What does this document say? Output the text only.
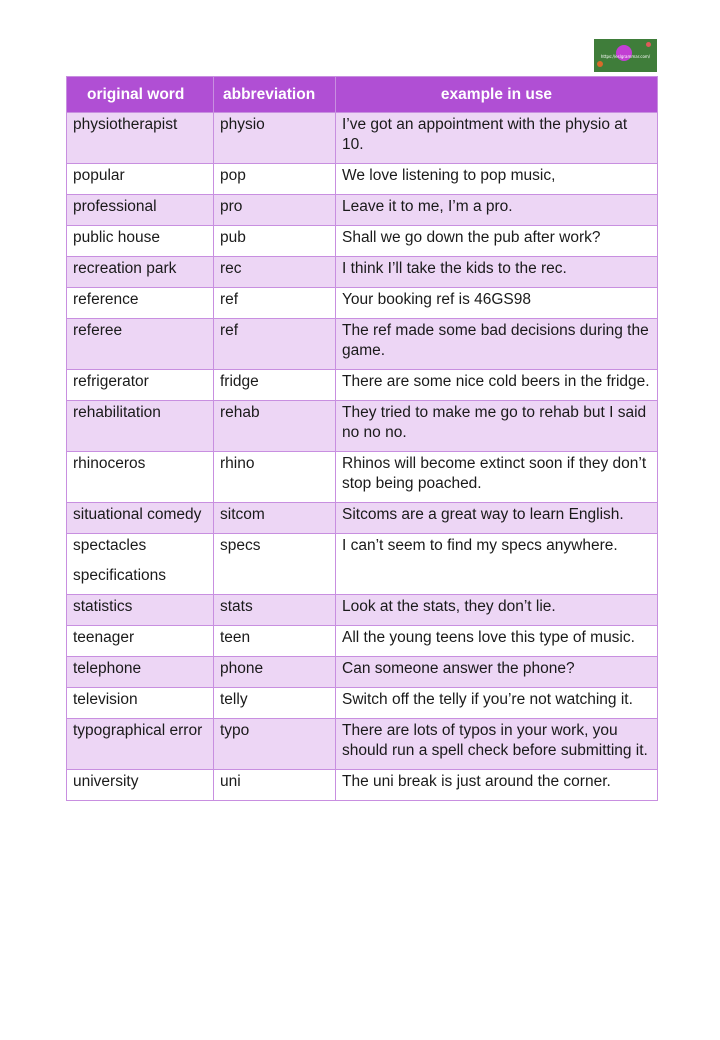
https://eslgrammar.com/
original word	abbreviation	example in use
physiotherapist	physio	I’ve got an appointment with the physio at 10.
popular	pop	We love listening to pop music,
professional	pro	Leave it to me, I’m a pro.
public house	pub	Shall we go down the pub after work?
recreation park	rec	I think I’ll take the kids to the rec.
reference	ref	Your booking ref is 46GS98
referee	ref	The ref made some bad decisions during the game.
refrigerator	fridge	There are some nice cold beers in the fridge.
rehabilitation	rehab	They tried to make me go to rehab but I said no no no.
rhinoceros	rhino	Rhinos will become extinct soon if they don’t stop being poached.
situational comedy	sitcom	Sitcoms are a great way to learn English.
spectacles
specifications	specs	I can’t seem to find my specs anywhere.
statistics	stats	Look at the stats, they don’t lie.
teenager	teen	All the young teens love this type of music.
telephone	phone	Can someone answer the phone?
television	telly	Switch off the telly if you’re not watching it.
typographical error	typo	There are lots of typos in your work, you should run a spell check before submitting it.
university	uni	The uni break is just around the corner.
